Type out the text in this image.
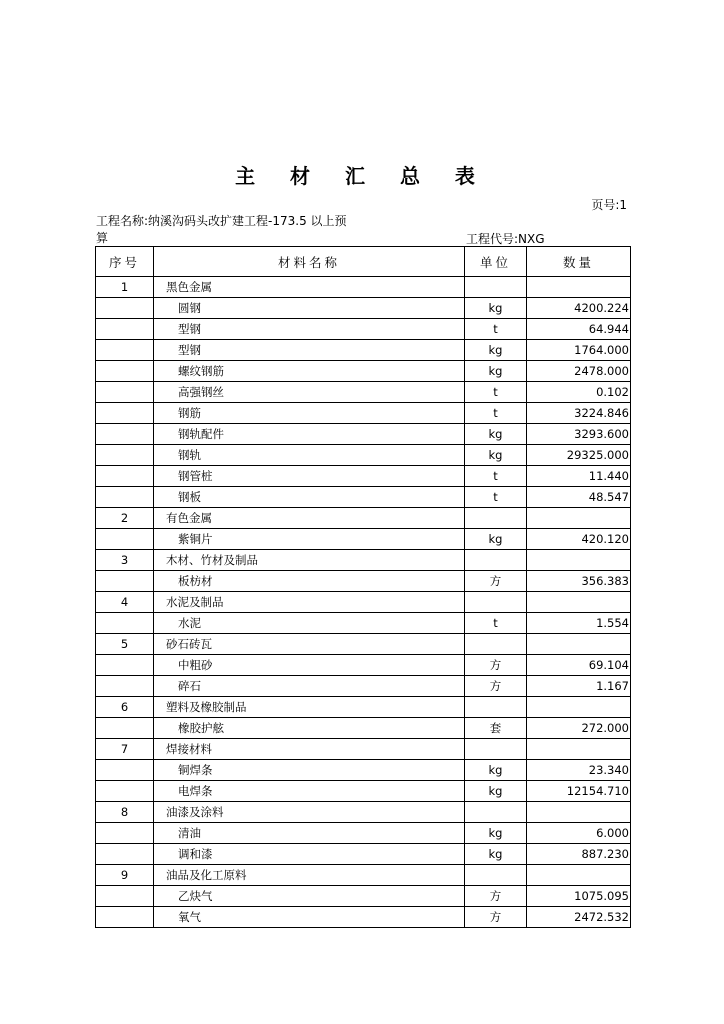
主 材 汇 总 表
页号:1
工程名称:纳溪沟码头改扩建工程-173.5 以上预算	工程代号:NXG
序号	材料名称	单位	数量
1	黑色金属		
	圆钢	kg	4200.224
	型钢	t	64.944
	型钢	kg	1764.000
	螺纹钢筋	kg	2478.000
	高强钢丝	t	0.102
	钢筋	t	3224.846
	钢轨配件	kg	3293.600
	钢轨	kg	29325.000
	钢管桩	t	11.440
	钢板	t	48.547
2	有色金属		
	紫铜片	kg	420.120
3	木材、竹材及制品		
	板枋材	方	356.383
4	水泥及制品		
	水泥	t	1.554
5	砂石砖瓦		
	中粗砂	方	69.104
	碎石	方	1.167
6	塑料及橡胶制品		
	橡胶护舷	套	272.000
7	焊接材料		
	铜焊条	kg	23.340
	电焊条	kg	12154.710
8	油漆及涂料		
	清油	kg	6.000
	调和漆	kg	887.230
9	油品及化工原料		
	乙炔气	方	1075.095
	氧气	方	2472.532
